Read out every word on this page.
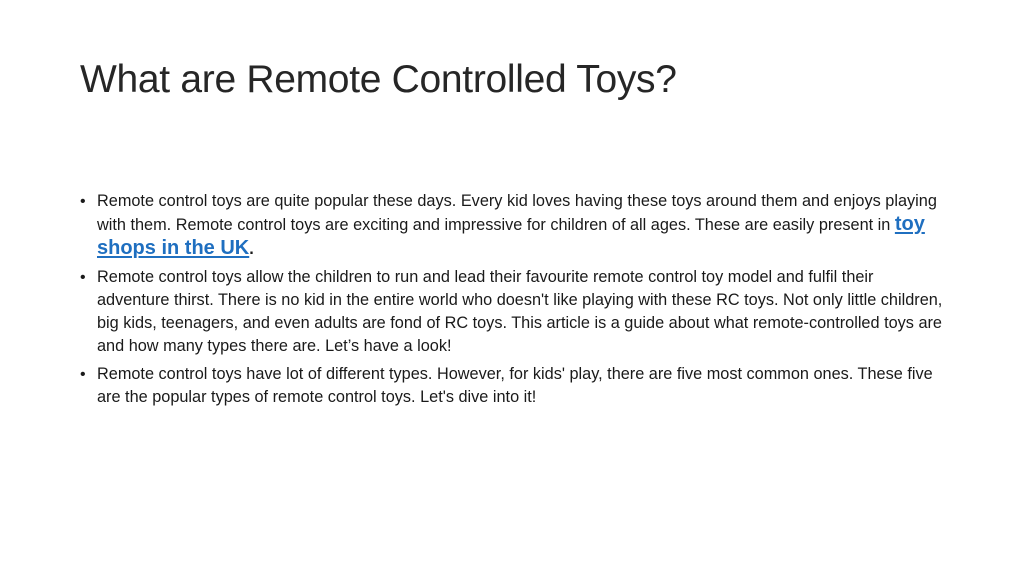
What are Remote Controlled Toys?
• Remote control toys are quite popular these days. Every kid loves having these toys around them and enjoys playing with them. Remote control toys are exciting and impressive for children of all ages. These are easily present in toy shops in the UK.
• Remote control toys allow the children to run and lead their favourite remote control toy model and fulfil their adventure thirst. There is no kid in the entire world who doesn't like playing with these RC toys. Not only little children, big kids, teenagers, and even adults are fond of RC toys. This article is a guide about what remote-controlled toys are and how many types there are. Let’s have a look!
• Remote control toys have lot of different types. However, for kids' play, there are five most common ones. These five are the popular types of remote control toys. Let's dive into it!
